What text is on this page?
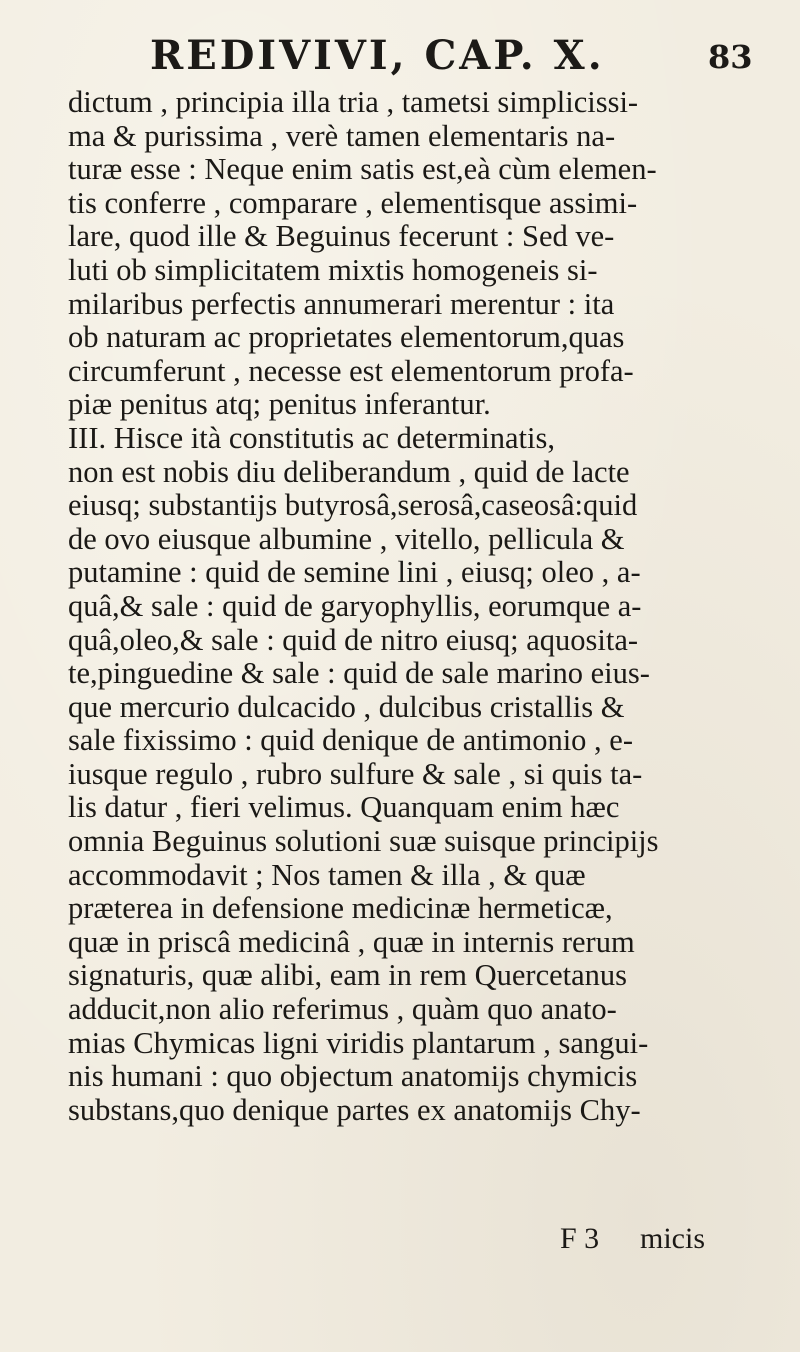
REDIVIVI, CAP. X.	83
dictum , principia illa tria , tametsi simplicissi-
ma & purissima , verè tamen elementaris na-
turæ esse : Neque enim satis est,eà cùm elemen-
tis conferre , comparare , elementisque assimi-
lare, quod ille & Beguinus fecerunt : Sed ve-
luti ob simplicitatem mixtis homogeneis si-
milaribus perfectis annumerari merentur : ita
ob naturam ac proprietates elementorum,quas
circumferunt , necesse est elementorum profa-
piæ penitus atq; penitus inferantur.
III. Hisce ità constitutis ac determinatis,
non est nobis diu deliberandum , quid de lacte
eiusq; substantijs butyrosâ,serosâ,caseosâ:quid
de ovo eiusque albumine , vitello, pellicula &
putamine : quid de semine lini , eiusq; oleo , a-
quâ,& sale : quid de garyophyllis, eorumque a-
quâ,oleo,& sale : quid de nitro eiusq; aquosita-
te,pinguedine & sale : quid de sale marino eius-
que mercurio dulcacido , dulcibus cristallis &
sale fixissimo : quid denique de antimonio , e-
iusque regulo , rubro sulfure & sale , si quis ta-
lis datur , fieri velimus. Quanquam enim hæc
omnia Beguinus solutioni suæ suisque principijs
accommodavit ; Nos tamen & illa , & quæ
præterea in defensione medicinæ hermeticæ,
quæ in priscâ medicinâ , quæ in internis rerum
signaturis, quæ alibi, eam in rem Quercetanus
adducit,non alio referimus , quàm quo anato-
mias Chymicas ligni viridis plantarum , sangui-
nis humani : quo objectum anatomijs chymicis
substans,quo denique partes ex anatomijs Chy-
F 3 micis
